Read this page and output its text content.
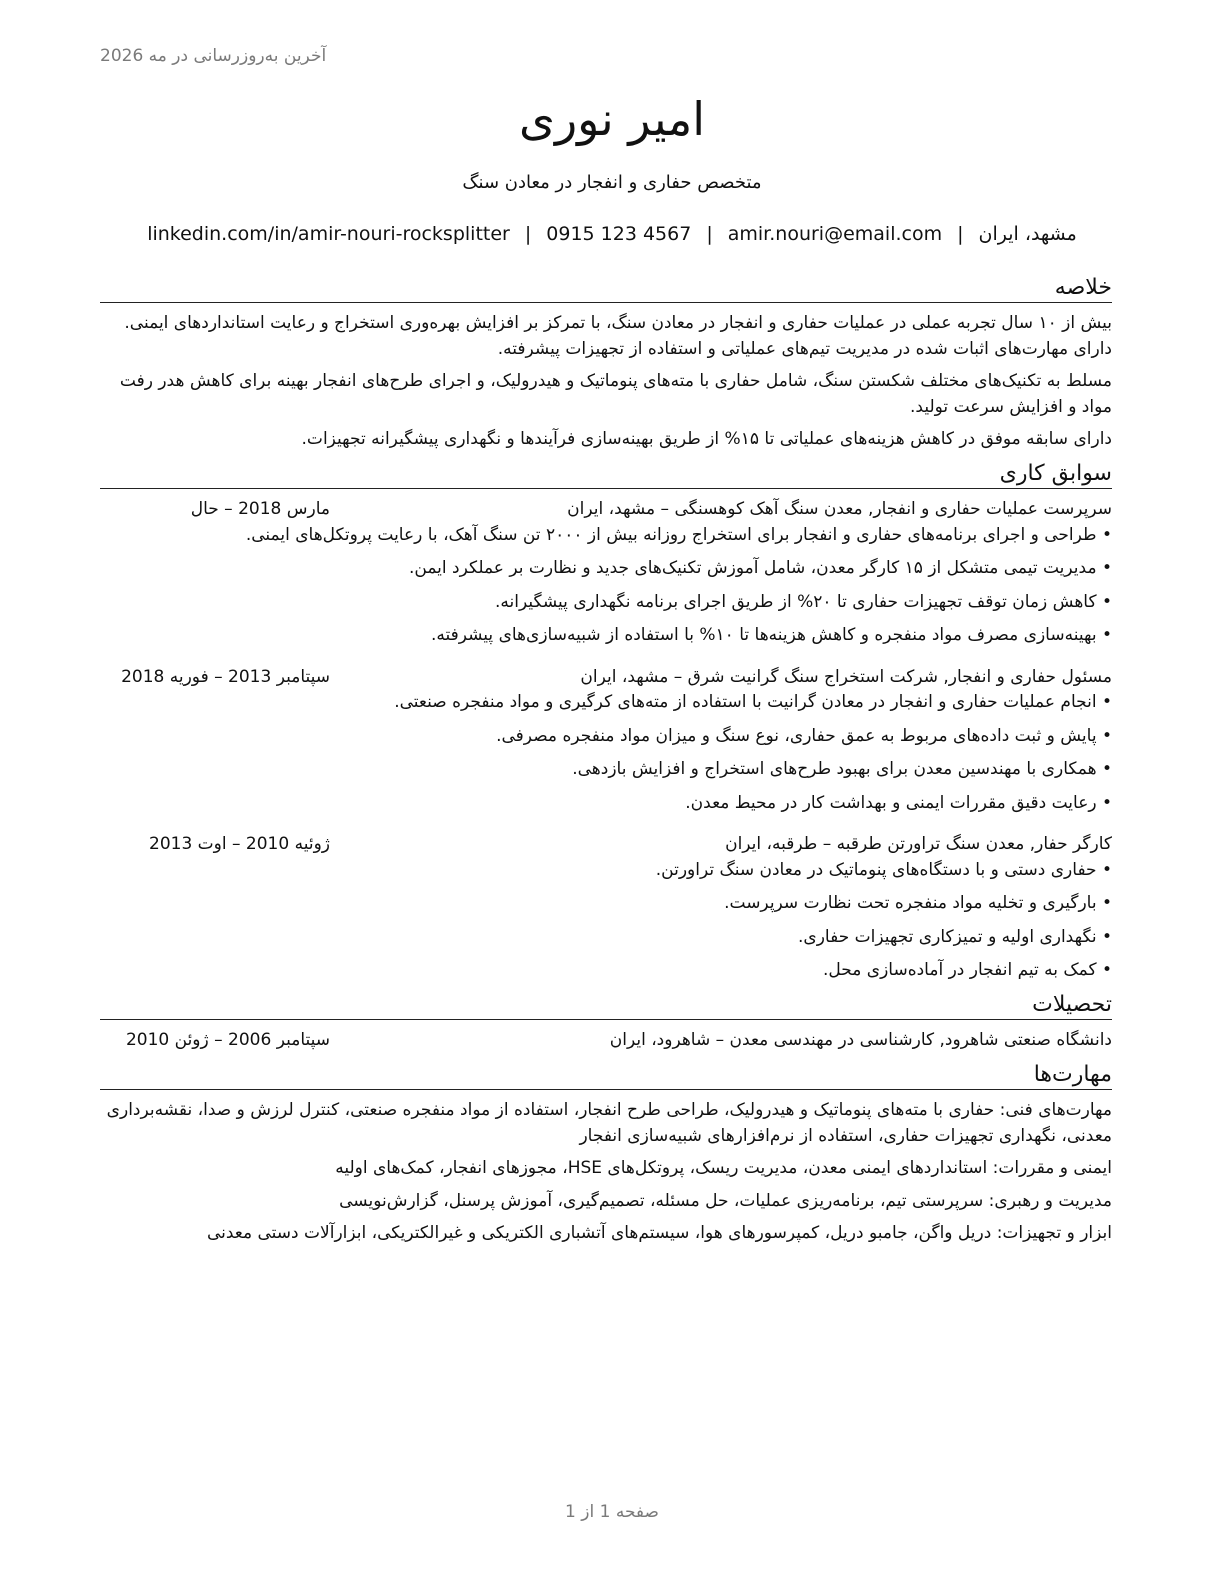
آخرین به‌روزرسانی در مه 2026
امیر نوری
متخصص حفاری و انفجار در معادن سنگ
مشهد، ایران|amir.nouri@email.com|0915 123 4567|linkedin.com/in/amir-nouri-rocksplitter
خلاصه
بیش از ۱۰ سال تجربه عملی در عملیات حفاری و انفجار در معادن سنگ، با تمرکز بر افزایش بهره‌وری استخراج و رعایت استانداردهای ایمنی. دارای مهارت‌های اثبات شده در مدیریت تیم‌های عملیاتی و استفاده از تجهیزات پیشرفته.
مسلط به تکنیک‌های مختلف شکستن سنگ، شامل حفاری با مته‌های پنوماتیک و هیدرولیک، و اجرای طرح‌های انفجار بهینه برای کاهش هدر رفت مواد و افزایش سرعت تولید.
دارای سابقه موفق در کاهش هزینه‌های عملیاتی تا ۱۵% از طریق بهینه‌سازی فرآیندها و نگهداری پیشگیرانه تجهیزات.
سوابق کاری
سرپرست عملیات حفاری و انفجار, معدن سنگ آهک کوهسنگی – مشهد، ایران
مارس 2018 – حال
• طراحی و اجرای برنامه‌های حفاری و انفجار برای استخراج روزانه بیش از ۲۰۰۰ تن سنگ آهک، با رعایت پروتکل‌های ایمنی.
• مدیریت تیمی متشکل از ۱۵ کارگر معدن، شامل آموزش تکنیک‌های جدید و نظارت بر عملکرد ایمن.
• کاهش زمان توقف تجهیزات حفاری تا ۲۰% از طریق اجرای برنامه نگهداری پیشگیرانه.
• بهینه‌سازی مصرف مواد منفجره و کاهش هزینه‌ها تا ۱۰% با استفاده از شبیه‌سازی‌های پیشرفته.
مسئول حفاری و انفجار, شرکت استخراج سنگ گرانیت شرق – مشهد، ایران
سپتامبر 2013 – فوریه 2018
• انجام عملیات حفاری و انفجار در معادن گرانیت با استفاده از مته‌های کرگیری و مواد منفجره صنعتی.
• پایش و ثبت داده‌های مربوط به عمق حفاری، نوع سنگ و میزان مواد منفجره مصرفی.
• همکاری با مهندسین معدن برای بهبود طرح‌های استخراج و افزایش بازدهی.
• رعایت دقیق مقررات ایمنی و بهداشت کار در محیط معدن.
کارگر حفار, معدن سنگ تراورتن طرقبه – طرقبه، ایران
ژوئیه 2010 – اوت 2013
• حفاری دستی و با دستگاه‌های پنوماتیک در معادن سنگ تراورتن.
• بارگیری و تخلیه مواد منفجره تحت نظارت سرپرست.
• نگهداری اولیه و تمیزکاری تجهیزات حفاری.
• کمک به تیم انفجار در آماده‌سازی محل.
تحصیلات
دانشگاه صنعتی شاهرود, کارشناسی در مهندسی معدن – شاهرود، ایران
سپتامبر 2006 – ژوئن 2010
مهارت‌ها
مهارت‌های فنی: حفاری با مته‌های پنوماتیک و هیدرولیک، طراحی طرح انفجار، استفاده از مواد منفجره صنعتی، کنترل لرزش و صدا، نقشه‌برداری معدنی، نگهداری تجهیزات حفاری، استفاده از نرم‌افزارهای شبیه‌سازی انفجار
ایمنی و مقررات: استانداردهای ایمنی معدن، مدیریت ریسک، پروتکل‌های HSE، مجوزهای انفجار، کمک‌های اولیه
مدیریت و رهبری: سرپرستی تیم، برنامه‌ریزی عملیات، حل مسئله، تصمیم‌گیری، آموزش پرسنل، گزارش‌نویسی
ابزار و تجهیزات: دریل واگن، جامبو دریل، کمپرسورهای هوا، سیستم‌های آتشباری الکتریکی و غیرالکتریکی، ابزارآلات دستی معدنی
صفحه 1 از 1
